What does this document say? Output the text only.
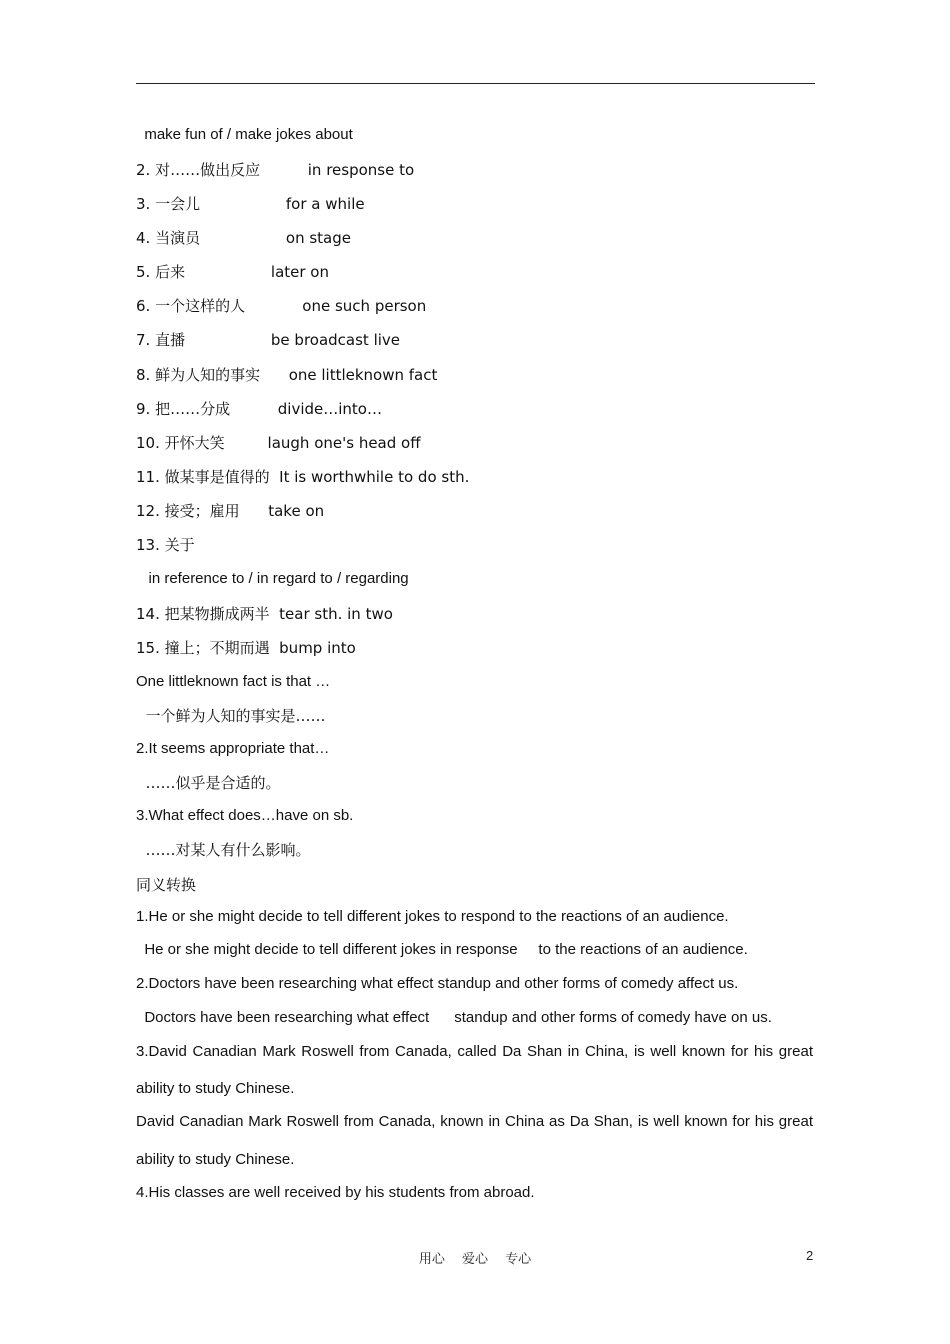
make fun of / make jokes about
2. 对……做出反应          in response to
3. 一会儿                  for a while
4. 当演员                  on stage
5. 后来                  later on
6. 一个这样的人            one such person
7. 直播                  be broadcast live
8. 鲜为人知的事实      one littleknown fact
9. 把……分成          divide…into…
10. 开怀大笑         laugh one's head off
11. 做某事是值得的  It is worthwhile to do sth.
12. 接受；雇用      take on
13. 关于
in reference to / in regard to / regarding
14. 把某物撕成两半  tear sth. in two
15. 撞上；不期而遇  bump into
One littleknown fact is that …
一个鲜为人知的事实是……
2.It seems appropriate that…
……似乎是合适的。
3.What effect does…have on sb.
……对某人有什么影响。
同义转换
1.He or she might decide to tell different jokes to respond to the reactions of an audience.
He or she might decide to tell different jokes in response     to the reactions of an audience.
2.Doctors have been researching what effect standup and other forms of comedy affect us.
Doctors have been researching what effect      standup and other forms of comedy have on us.
3.David Canadian Mark Roswell from Canada, called Da Shan in China, is well known for his great
ability to study Chinese.
David Canadian Mark Roswell from Canada, known in China as Da Shan, is well known for his great
ability to study Chinese.
4.His classes are well received by his students from abroad.
用心　 爱心　 专心	2
